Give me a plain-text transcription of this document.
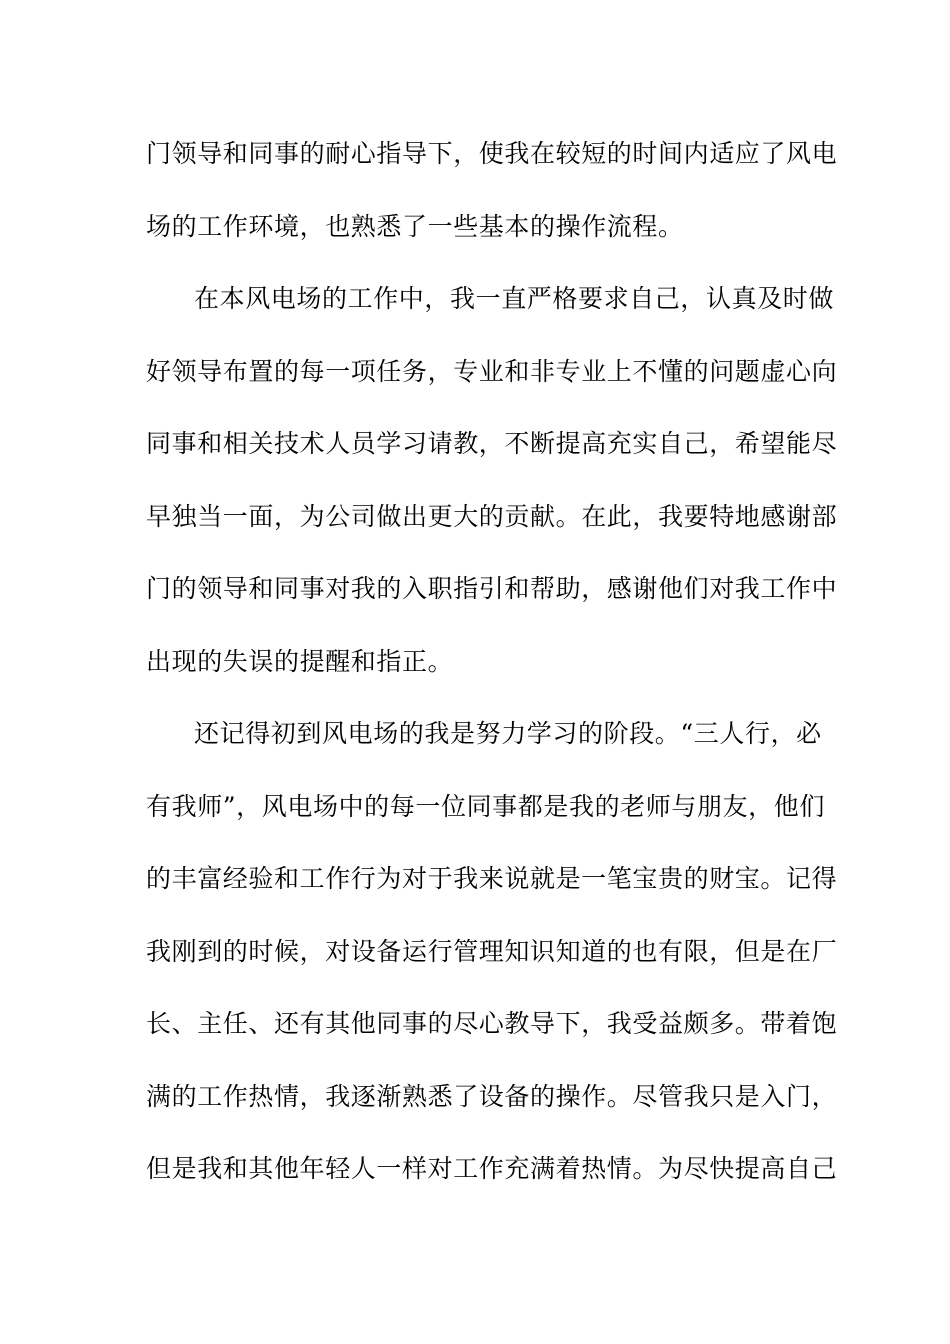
门领导和同事的耐心指导下，使我在较短的时间内适应了风电
场的工作环境，也熟悉了一些基本的操作流程。
在本风电场的工作中，我一直严格要求自己，认真及时做
好领导布置的每一项任务，专业和非专业上不懂的问题虚心向
同事和相关技术人员学习请教，不断提高充实自己，希望能尽
早独当一面，为公司做出更大的贡献。在此，我要特地感谢部
门的领导和同事对我的入职指引和帮助，感谢他们对我工作中
出现的失误的提醒和指正。
还记得初到风电场的我是努力学习的阶段。“三人行，必
有我师”，风电场中的每一位同事都是我的老师与朋友，他们
的丰富经验和工作行为对于我来说就是一笔宝贵的财宝。记得
我刚到的时候，对设备运行管理知识知道的也有限，但是在厂
长、主任、还有其他同事的尽心教导下，我受益颇多。带着饱
满的工作热情，我逐渐熟悉了设备的操作。尽管我只是入门，
但是我和其他年轻人一样对工作充满着热情。为尽快提高自己
